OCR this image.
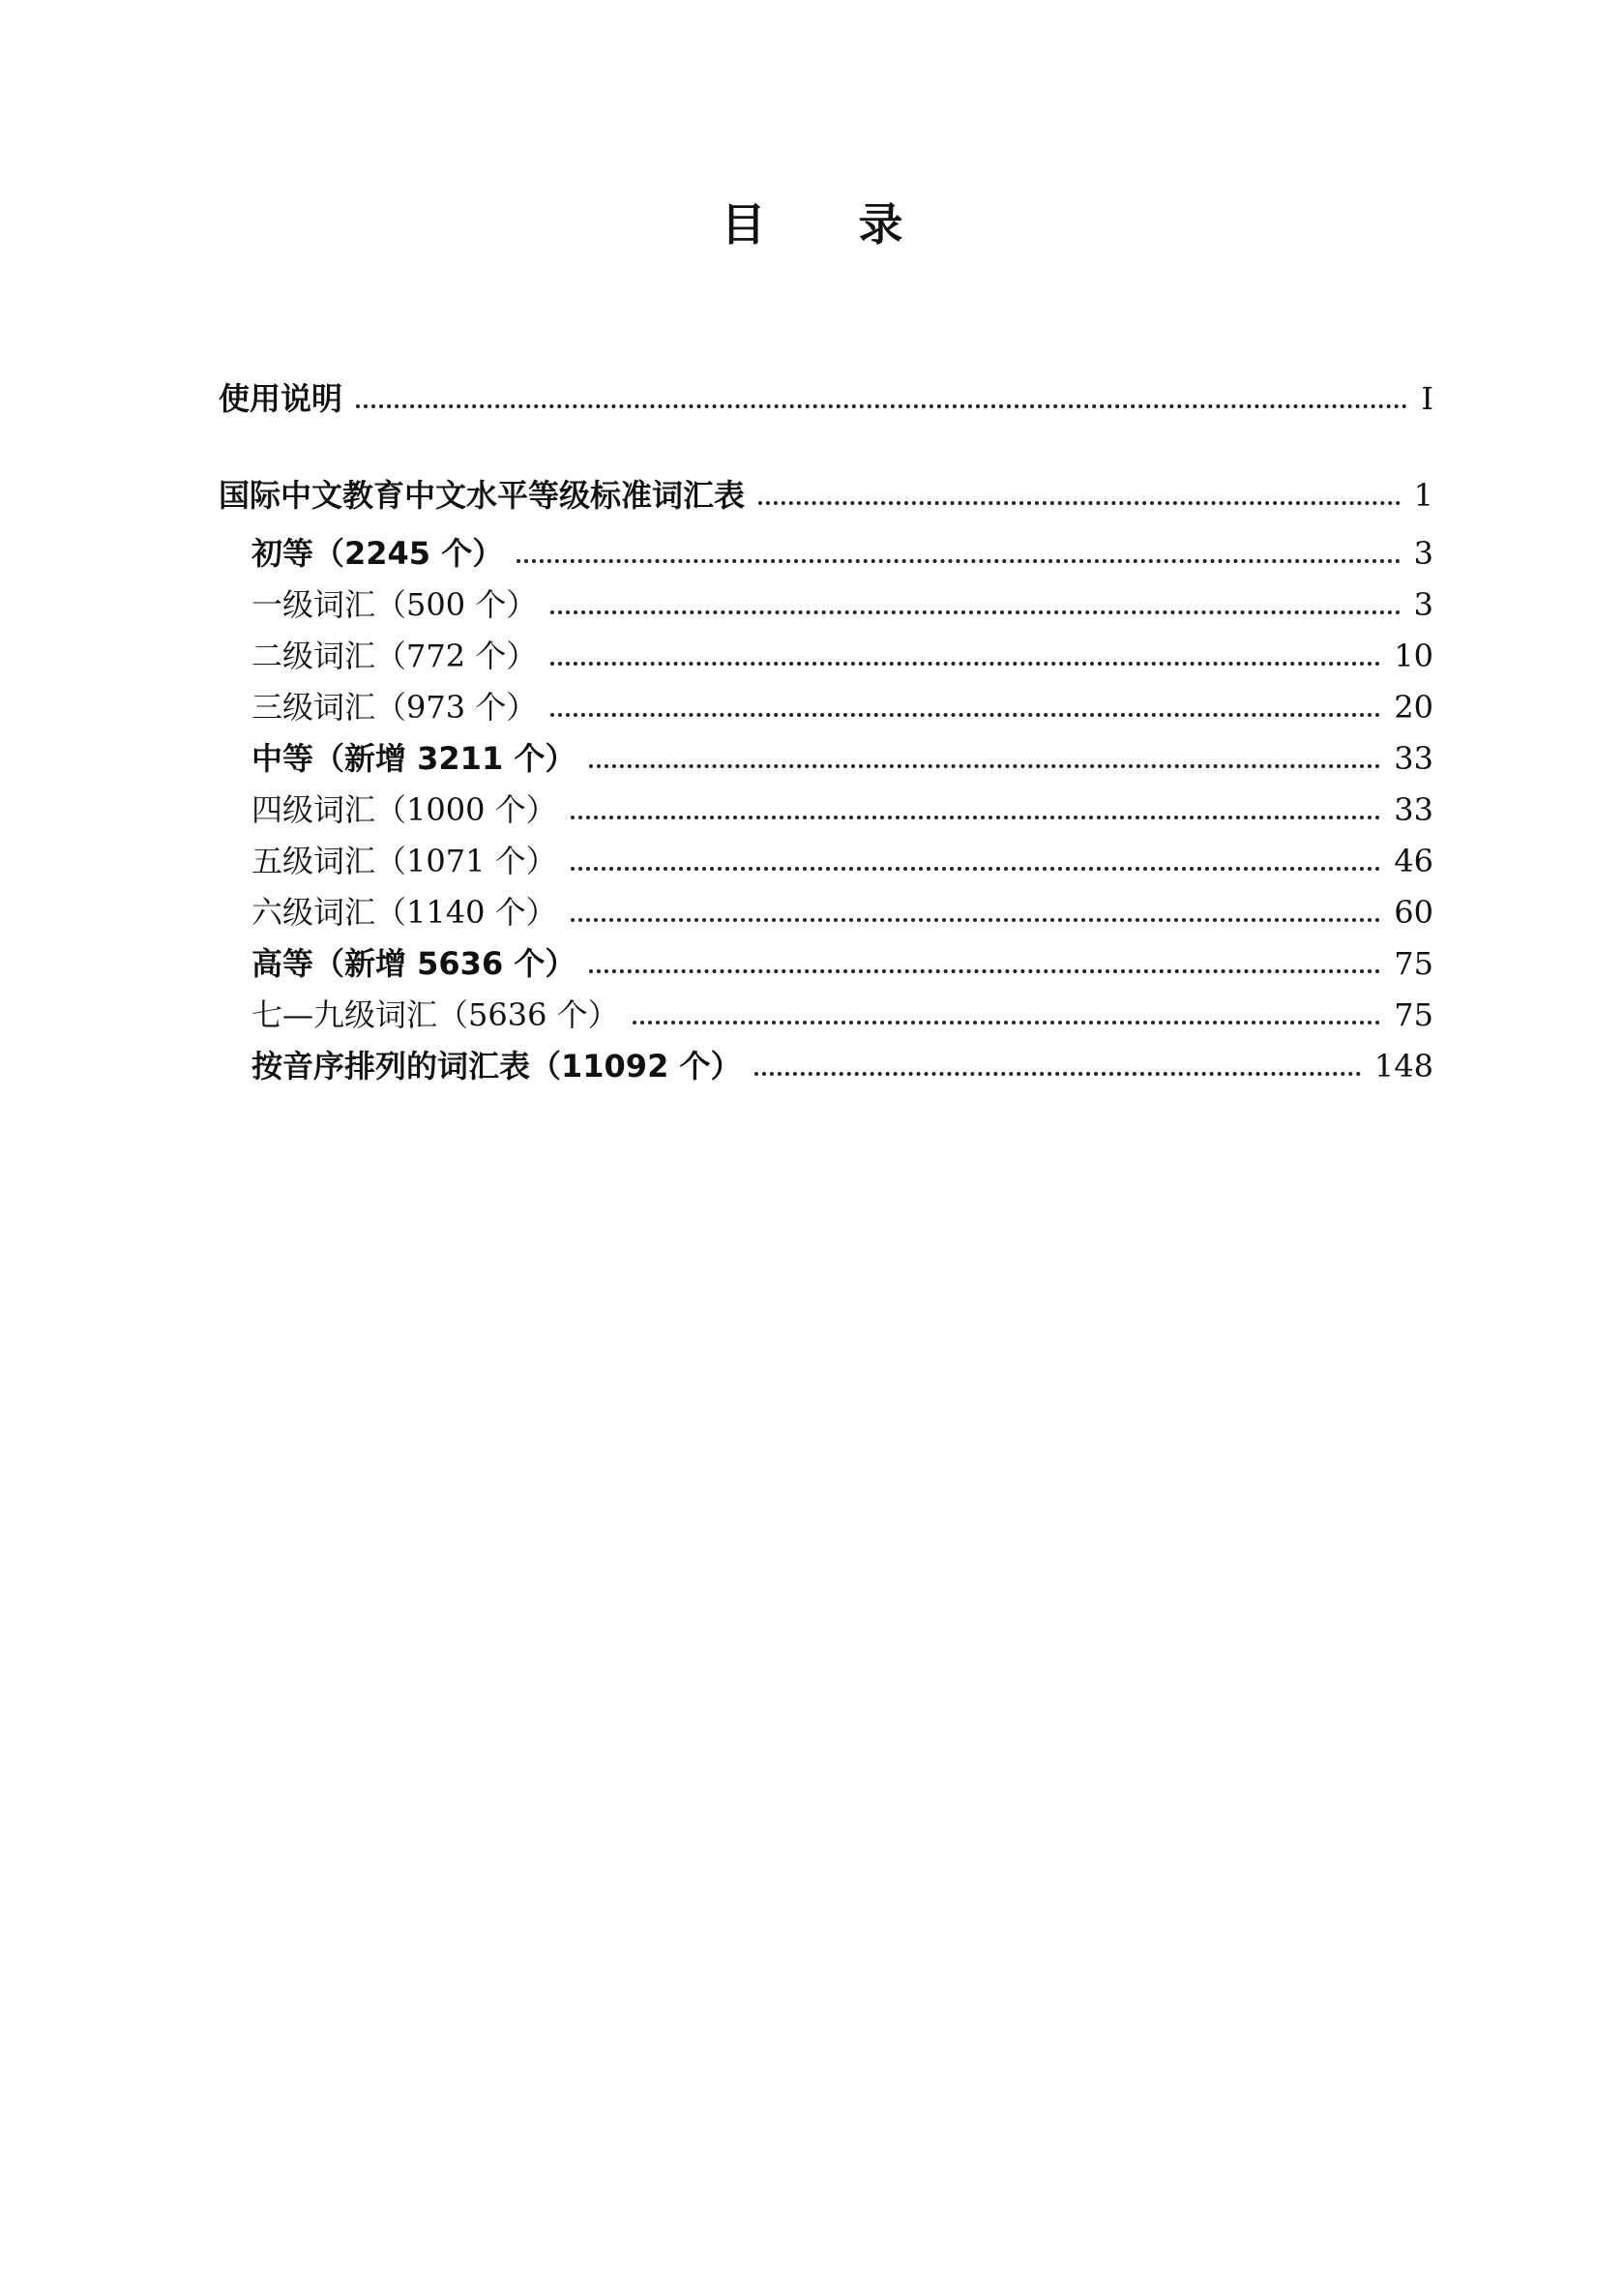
目 录
使用说明	I
国际中文教育中文水平等级标准词汇表	1
初等（2245 个）	3
一级词汇（500 个）	3
二级词汇（772 个）	10
三级词汇（973 个）	20
中等（新增 3211 个）	33
四级词汇（1000 个）	33
五级词汇（1071 个）	46
六级词汇（1140 个）	60
高等（新增 5636 个）	75
七—九级词汇（5636 个）	75
按音序排列的词汇表（11092 个）	148
